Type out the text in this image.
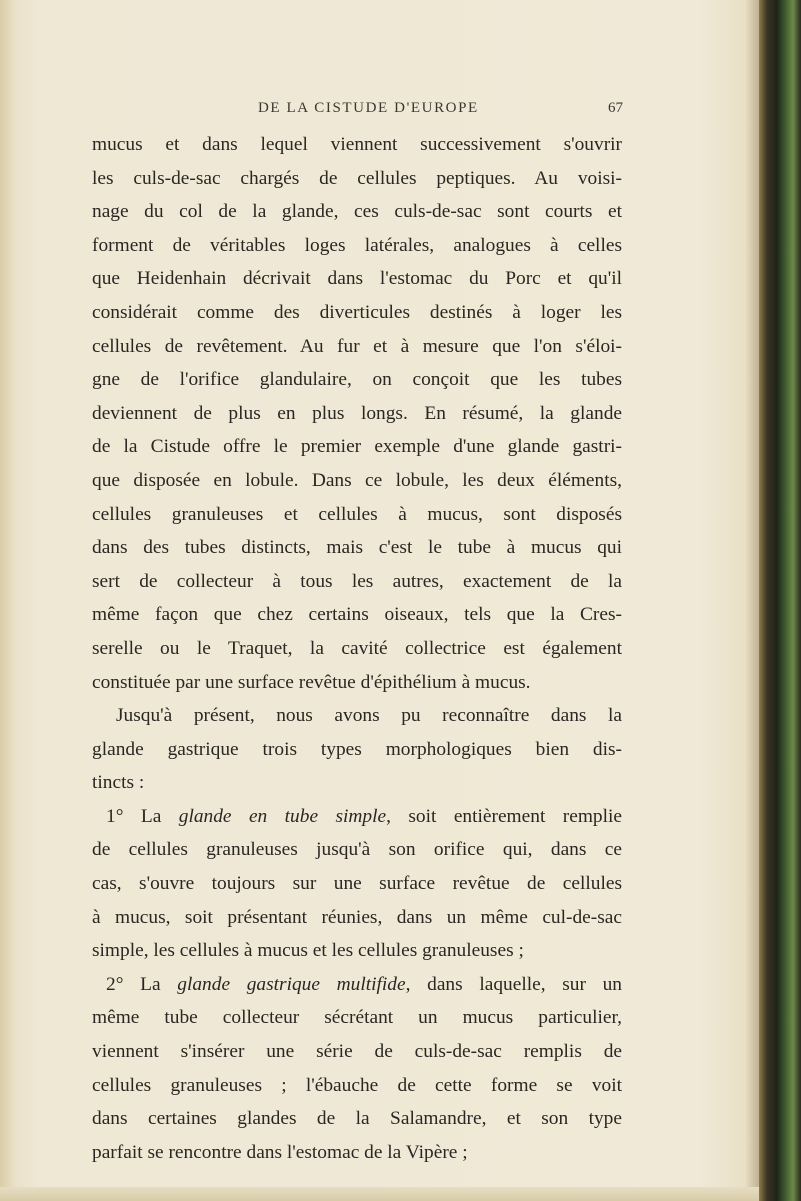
DE LA CISTUDE D'EUROPE	67
mucus et dans lequel viennent successivement s'ouvrir
les culs-de-sac chargés de cellules peptiques. Au voisi-
nage du col de la glande, ces culs-de-sac sont courts et
forment de véritables loges latérales, analogues à celles
que Heidenhain décrivait dans l'estomac du Porc et qu'il
considérait comme des diverticules destinés à loger les
cellules de revêtement. Au fur et à mesure que l'on s'éloi-
gne de l'orifice glandulaire, on conçoit que les tubes
deviennent de plus en plus longs. En résumé, la glande
de la Cistude offre le premier exemple d'une glande gastri-
que disposée en lobule. Dans ce lobule, les deux éléments,
cellules granuleuses et cellules à mucus, sont disposés
dans des tubes distincts, mais c'est le tube à mucus qui
sert de collecteur à tous les autres, exactement de la
même façon que chez certains oiseaux, tels que la Cres-
serelle ou le Traquet, la cavité collectrice est également
constituée par une surface revêtue d'épithélium à mucus.
Jusqu'à présent, nous avons pu reconnaître dans la
glande gastrique trois types morphologiques bien dis-
tincts :
1° La glande en tube simple, soit entièrement remplie
de cellules granuleuses jusqu'à son orifice qui, dans ce
cas, s'ouvre toujours sur une surface revêtue de cellules
à mucus, soit présentant réunies, dans un même cul-de-sac
simple, les cellules à mucus et les cellules granuleuses ;
2° La glande gastrique multifide, dans laquelle, sur un
même tube collecteur sécrétant un mucus particulier,
viennent s'insérer une série de culs-de-sac remplis de
cellules granuleuses ; l'ébauche de cette forme se voit
dans certaines glandes de la Salamandre, et son type
parfait se rencontre dans l'estomac de la Vipère ;
